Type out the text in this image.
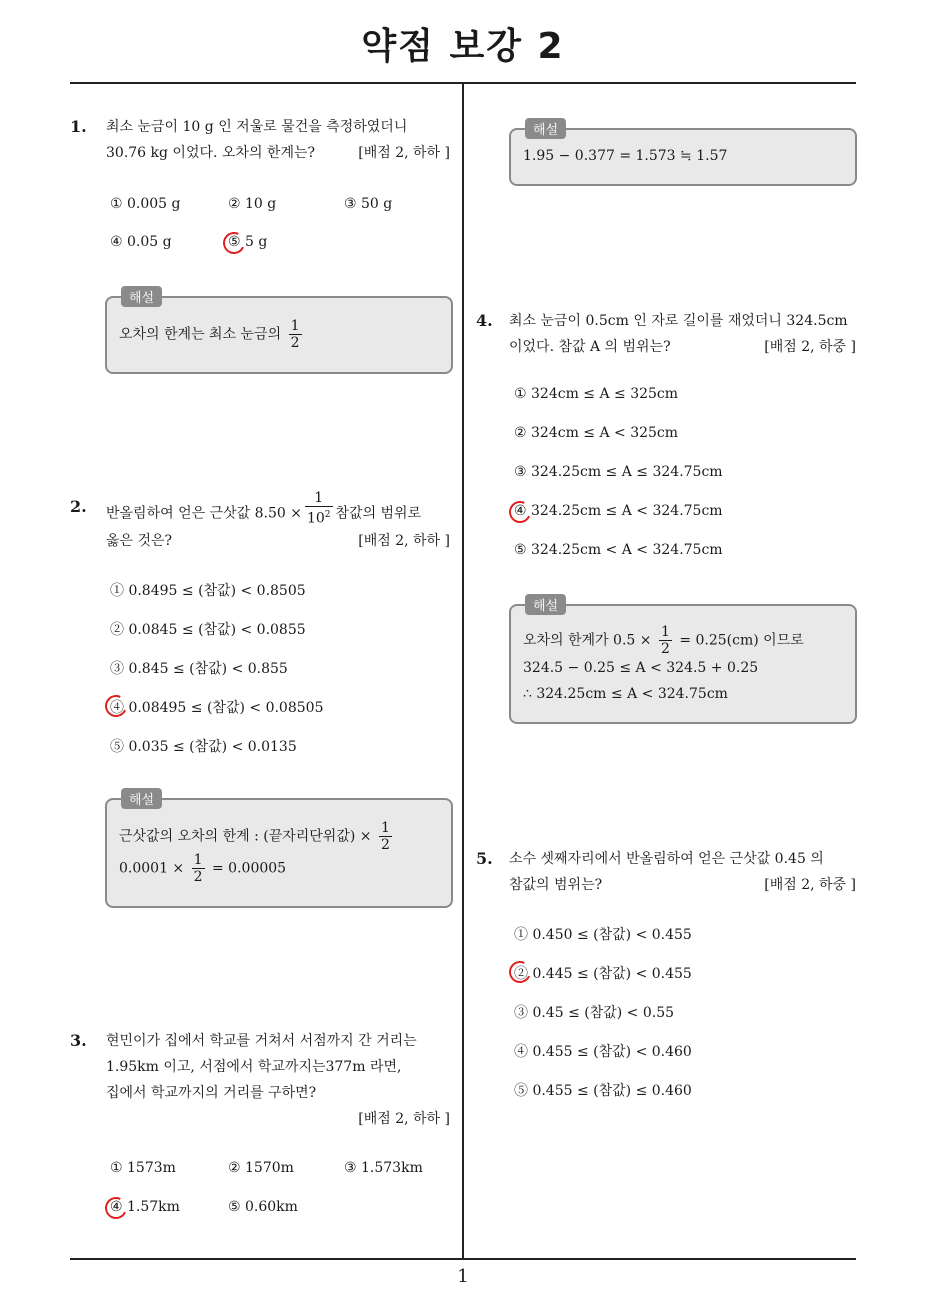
약점 보강 2
1
1. 최소 눈금이 10 g 인 저울로 물건을 측정하였더니
30.76 kg 이었다. 오차의 한계는?	[배점 2, 하하 ]
① 0.005 g	② 10 g	③ 50 g
④ 0.05 g	⑤ 5 g
해설
오차의 한계는 최소 눈금의 $\frac{1}{2}$
2. 반올림하여 얻은 근삿값 $8.50 \times \frac{1}{10^2}$ 참값의 범위로
옳은 것은?	[배점 2, 하하 ]
① 0.8495 ≤ (참값) < 0.8505
② 0.0845 ≤ (참값) < 0.0855
③ 0.845 ≤ (참값) < 0.855
④ 0.08495 ≤ (참값) < 0.08505
⑤ 0.035 ≤ (참값) < 0.0135
해설
근삿값의 오차의 한계 : (끝자리단위값) × $\frac{1}{2}$
$0.0001 \times \frac{1}{2} = 0.00005$
3. 현민이가 집에서 학교를 거쳐서 서점까지 간 거리는
1.95km 이고, 서점에서 학교까지는377m 라면,
집에서 학교까지의 거리를 구하면?
[배점 2, 하하 ]
① 1573m	② 1570m	③ 1.573km
④ 1.57km	⑤ 0.60km
해설
1.95 − 0.377 = 1.573 ≒ 1.57
4. 최소 눈금이 0.5cm 인 자로 길이를 재었더니 324.5cm
이었다. 참값 A 의 범위는?	[배점 2, 하중 ]
① 324cm ≤ A ≤ 325cm
② 324cm ≤ A < 325cm
③ 324.25cm ≤ A ≤ 324.75cm
④ 324.25cm ≤ A < 324.75cm
⑤ 324.25cm < A < 324.75cm
해설
오차의 한계가 $0.5 \times \frac{1}{2} = 0.25(cm)$ 이므로
324.5 − 0.25 ≤ A < 324.5 + 0.25
∴ 324.25cm ≤ A < 324.75cm
5. 소수 셋째자리에서 반올림하여 얻은 근삿값 0.45 의
참값의 범위는?	[배점 2, 하중 ]
① 0.450 ≤ (참값) < 0.455
② 0.445 ≤ (참값) < 0.455
③ 0.45 ≤ (참값) < 0.55
④ 0.455 ≤ (참값) < 0.460
⑤ 0.455 ≤ (참값) ≤ 0.460
